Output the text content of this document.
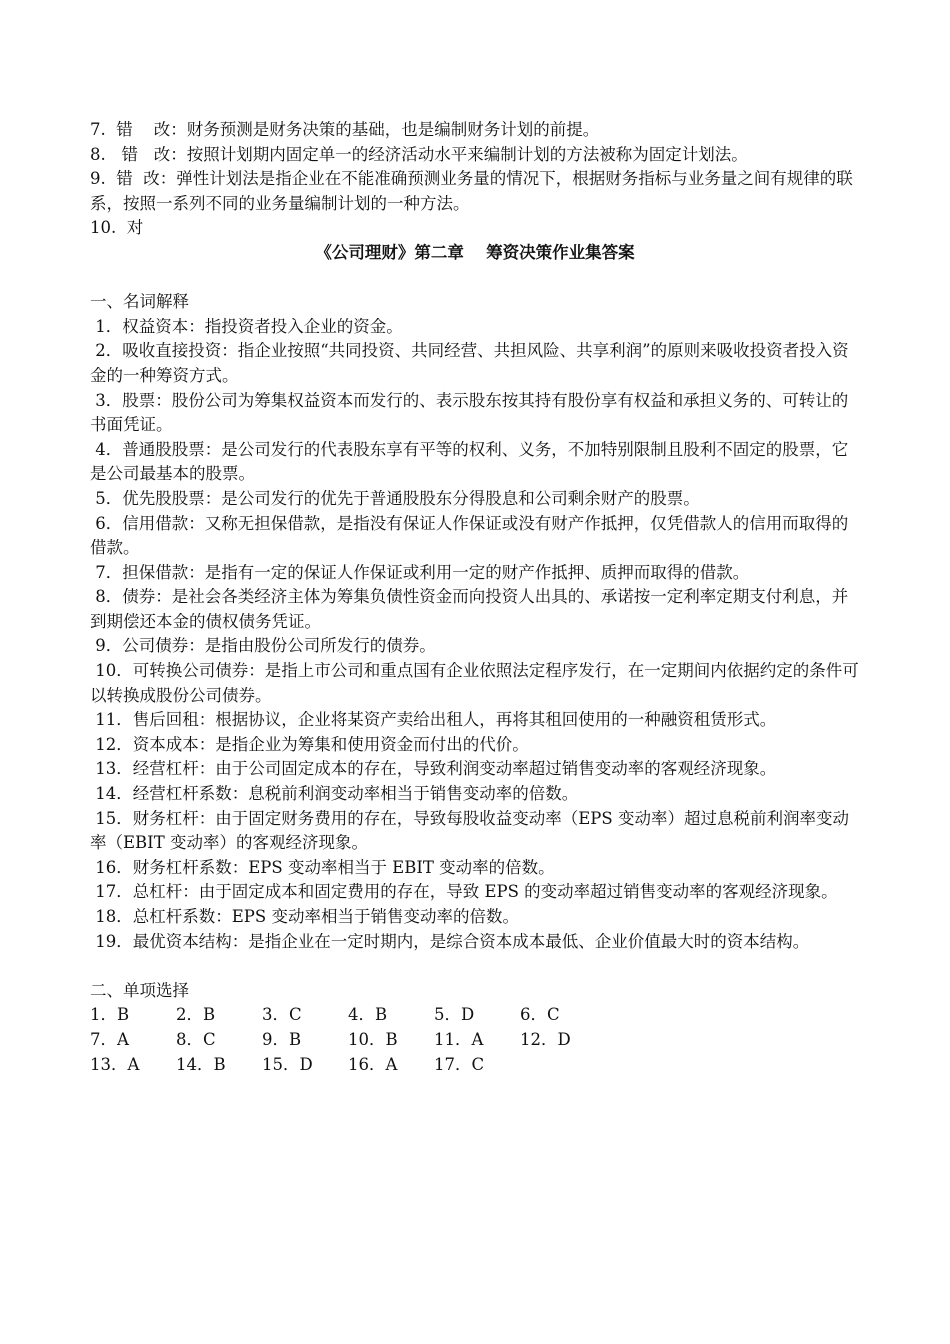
7.  错    改：财务预测是财务决策的基础，也是编制财务计划的前提。

8.   错   改：按照计划期内固定单一的经济活动水平来编制计划的方法被称为固定计划法。

9.  错  改：弹性计划法是指企业在不能准确预测业务量的情况下，根据财务指标与业务量之间有规律的联系，按照一系列不同的业务量编制计划的一种方法。

10.  对

《公司理财》第二章　 筹资决策作业集答案

一、名词解释

1．权益资本：指投资者投入企业的资金。

2．吸收直接投资：指企业按照“共同投资、共同经营、共担风险、共享利润”的原则来吸收投资者投入资金的一种筹资方式。

3．股票：股份公司为筹集权益资本而发行的、表示股东按其持有股份享有权益和承担义务的、可转让的书面凭证。

4．普通股股票：是公司发行的代表股东享有平等的权利、义务，不加特别限制且股利不固定的股票，它是公司最基本的股票。

5．优先股股票：是公司发行的优先于普通股股东分得股息和公司剩余财产的股票。

6．信用借款：又称无担保借款，是指没有保证人作保证或没有财产作抵押，仅凭借款人的信用而取得的借款。

7．担保借款：是指有一定的保证人作保证或利用一定的财产作抵押、质押而取得的借款。

8．债券：是社会各类经济主体为筹集负债性资金而向投资人出具的、承诺按一定利率定期支付利息，并到期偿还本金的债权债务凭证。

9．公司债券：是指由股份公司所发行的债券。

10．可转换公司债券：是指上市公司和重点国有企业依照法定程序发行，在一定期间内依据约定的条件可以转换成股份公司债券。

11．售后回租：根据协议，企业将某资产卖给出租人，再将其租回使用的一种融资租赁形式。

12．资本成本：是指企业为筹集和使用资金而付出的代价。

13．经营杠杆：由于公司固定成本的存在，导致利润变动率超过销售变动率的客观经济现象。

14．经营杠杆系数：息税前利润变动率相当于销售变动率的倍数。

15．财务杠杆：由于固定财务费用的存在，导致每股收益变动率（EPS 变动率）超过息税前利润率变动率（EBIT 变动率）的客观经济现象。

16．财务杠杆系数：EPS 变动率相当于 EBIT 变动率的倍数。

17．总杠杆：由于固定成本和固定费用的存在，导致 EPS 的变动率超过销售变动率的客观经济现象。

18．总杠杆系数：EPS 变动率相当于销售变动率的倍数。

19．最优资本结构：是指企业在一定时期内，是综合资本成本最低、企业价值最大时的资本结构。

二、单项选择

1．B	2．B	3．C	4．B	5．D	6．C
7．A	8．C	9．B	10．B	11．A	12．D
13．A	14．B	15．D	16．A	17．C
